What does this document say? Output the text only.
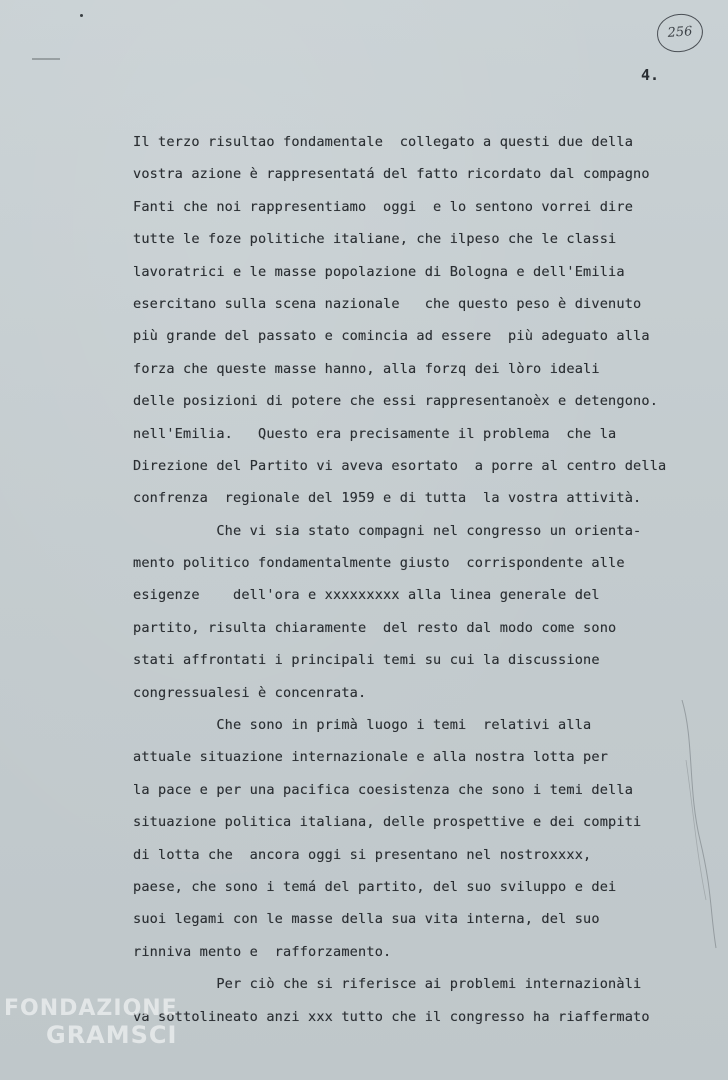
256
4.
Il terzo risultao fondamentale  collegato a questi due della
vostra azione è rappresentatá del fatto ricordato dal compagno
Fanti che noi rappresentiamo  oggi  e lo sentono vorrei dire
tutte le foze politiche italiane, che ilpeso che le classi
lavoratrici e le masse popolazione di Bologna e dell'Emilia
esercitano sulla scena nazionale   che questo peso è divenuto
più grande del passato e comincia ad essere  più adeguato alla
forza che queste masse hanno, alla forzq dei lòro ideali
delle posizioni di potere che essi rappresentanoèx e detengono.
nell'Emilia.   Questo era precisamente il problema  che la
Direzione del Partito vi aveva esortato  a porre al centro della
confrenza  regionale del 1959 e di tutta  la vostra attività.
Che vi sia stato compagni nel congresso un orienta-
mento politico fondamentalmente giusto  corrispondente alle
esigenze    dell'ora e xxxxxxxxx alla linea generale del
partito, risulta chiaramente  del resto dal modo come sono
stati affrontati i principali temi su cui la discussione
congressualesi è concenrata.
Che sono in primà luogo i temi  relativi alla
attuale situazione internazionale e alla nostra lotta per
la pace e per una pacifica coesistenza che sono i temi della
situazione politica italiana, delle prospettive e dei compiti
di lotta che  ancora oggi si presentano nel nostroxxxx,
paese, che sono i temá del partito, del suo sviluppo e dei
suoi legami con le masse della sua vita interna, del suo
rinniva mento e  rafforzamento.
Per ciò che si riferisce ai problemi internazionàli
va sottolineato anzi xxx tutto che il congresso ha riaffermato
FONDAZIONE
GRAMSCI
